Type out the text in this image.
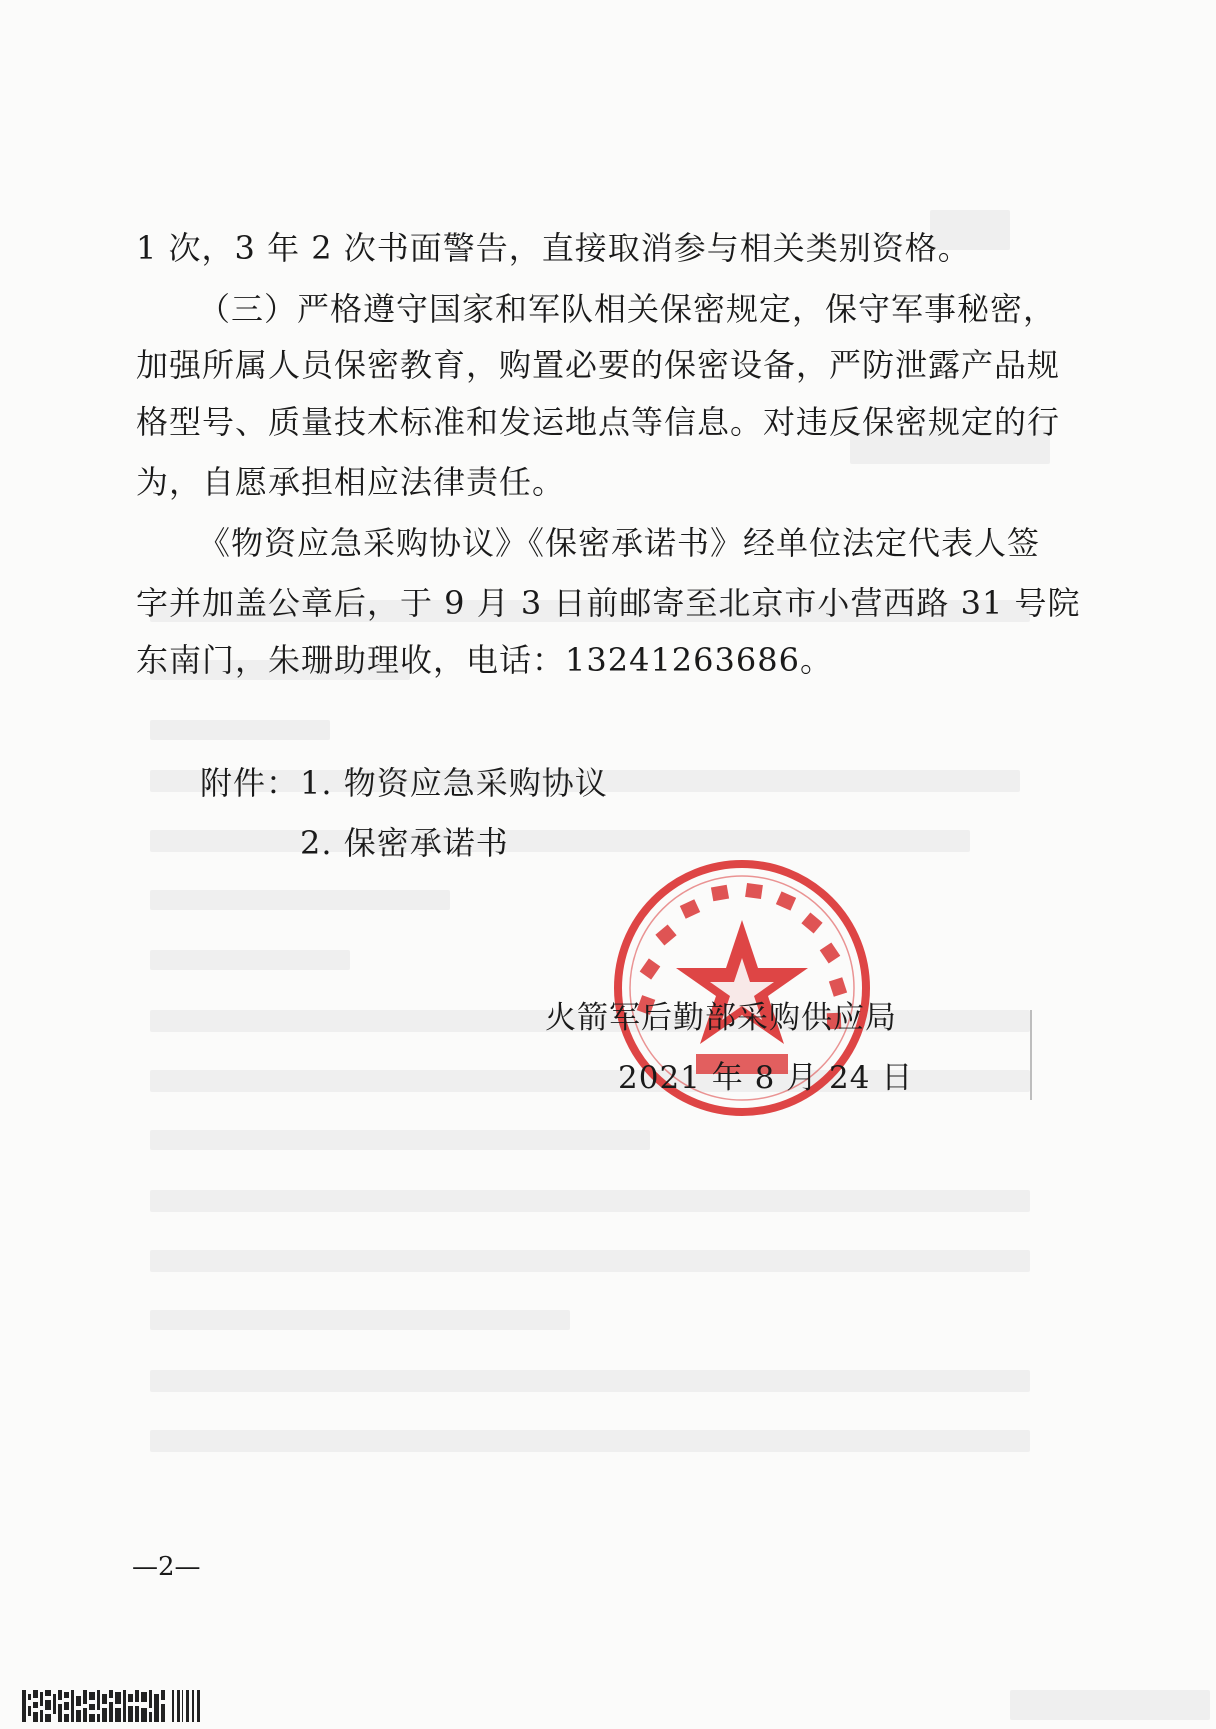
1 次，3 年 2 次书面警告，直接取消参与相关类别资格。
（三）严格遵守国家和军队相关保密规定，保守军事秘密，
加强所属人员保密教育，购置必要的保密设备，严防泄露产品规
格型号、质量技术标准和发运地点等信息。对违反保密规定的行
为，自愿承担相应法律责任。
《物资应急采购协议》《保密承诺书》经单位法定代表人签
字并加盖公章后，于 9 月 3 日前邮寄至北京市小营西路 31 号院
东南门，朱珊助理收，电话：13241263686。
附件： 1. 物资应急采购协议
2. 保密承诺书
火箭军后勤部采购供应局
2021 年 8 月 24 日
—2—
